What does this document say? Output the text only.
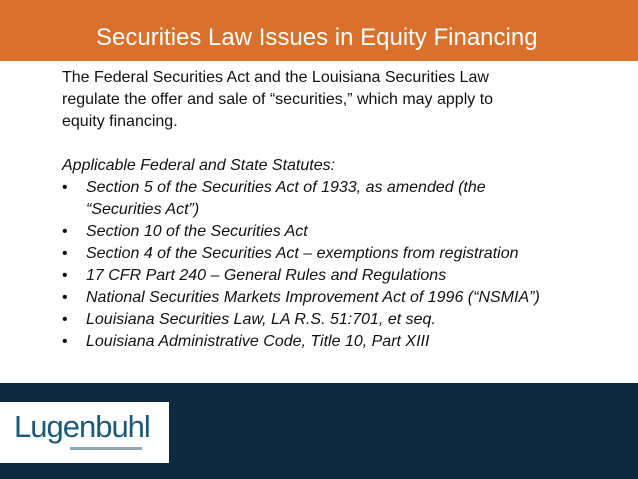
Securities Law Issues in Equity Financing

The Federal Securities Act and the Louisiana Securities Law

regulate the offer and sale of “securities,” which may apply to

equity financing.

Applicable Federal and State Statutes:
• Section 5 of the Securities Act of 1933, as amended (the
“Securities Act”)
• Section 10 of the Securities Act
• Section 4 of the Securities Act – exemptions from registration
• 17 CFR Part 240 – General Rules and Regulations
• National Securities Markets Improvement Act of 1996 (“NSMIA”)
• Louisiana Securities Law, LA R.S. 51:701, et seq.
• Louisiana Administrative Code, Title 10, Part XIII
Lugenbuhl
